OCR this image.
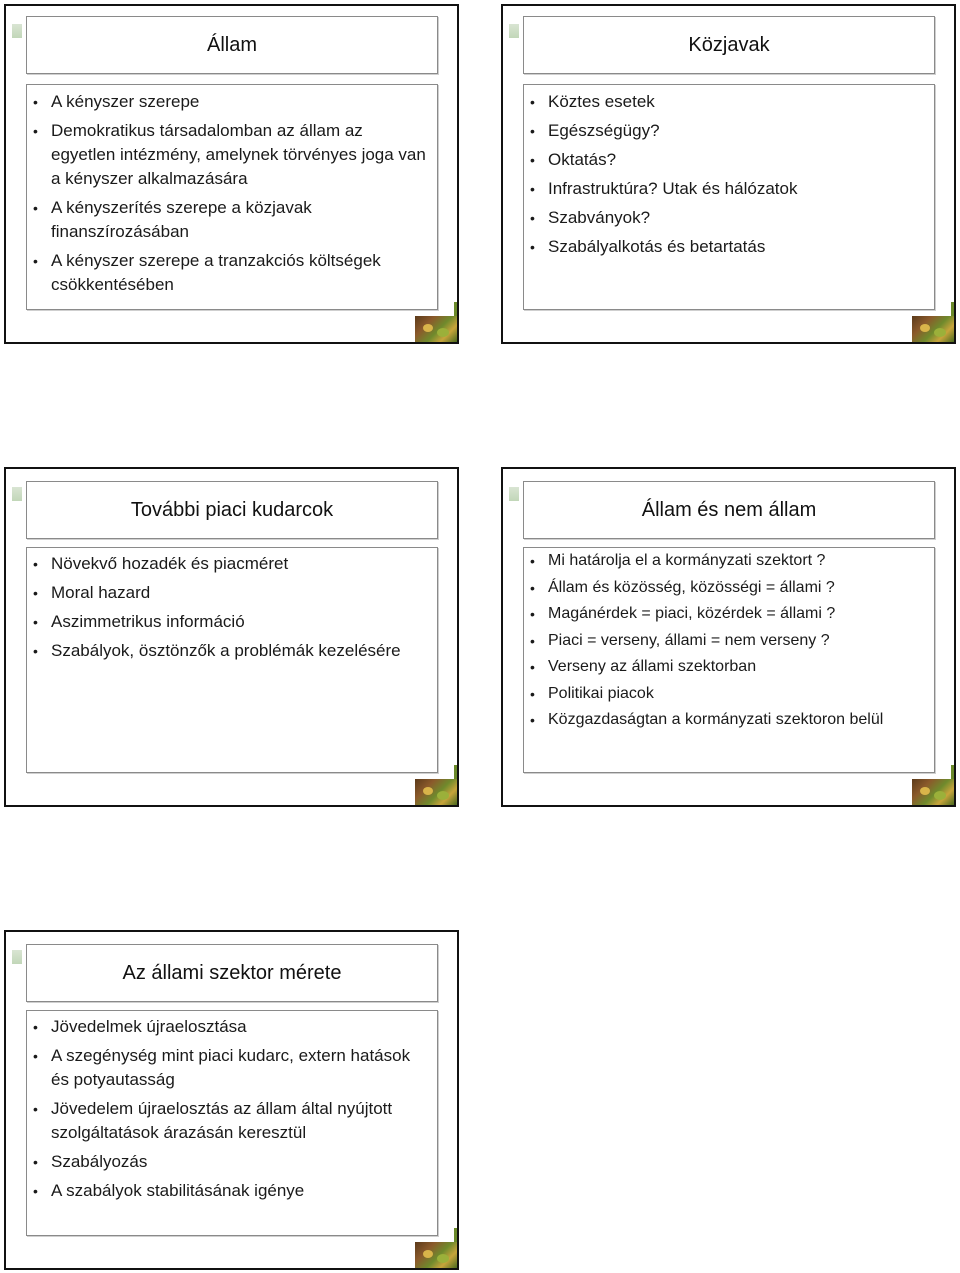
Állam
• A kényszer szerepe
• Demokratikus társadalomban az állam az egyetlen intézmény, amelynek törvényes joga van a kényszer alkalmazására
• A kényszerítés szerepe a közjavak finanszírozásában
• A kényszer szerepe a tranzakciós költségek csökkentésében
Közjavak
• Köztes esetek
• Egészségügy?
• Oktatás?
• Infrastruktúra? Utak és hálózatok
• Szabványok?
• Szabályalkotás és betartatás
További piaci kudarcok
• Növekvő hozadék és piacméret
• Moral hazard
• Aszimmetrikus információ
• Szabályok, ösztönzők a problémák kezelésére
Állam és nem állam
• Mi határolja el a kormányzati szektort ?
• Állam és közösség, közösségi = állami ?
• Magánérdek = piaci, közérdek = állami ?
• Piaci = verseny, állami = nem verseny ?
• Verseny az állami szektorban
• Politikai piacok
• Közgazdaságtan a kormányzati szektoron belül
Az állami szektor mérete
• Jövedelmek újraelosztása
• A szegénység mint piaci kudarc, extern hatások és potyautasság
• Jövedelem újraelosztás az állam által nyújtott szolgáltatások árazásán keresztül
• Szabályozás
• A szabályok stabilitásának igénye
